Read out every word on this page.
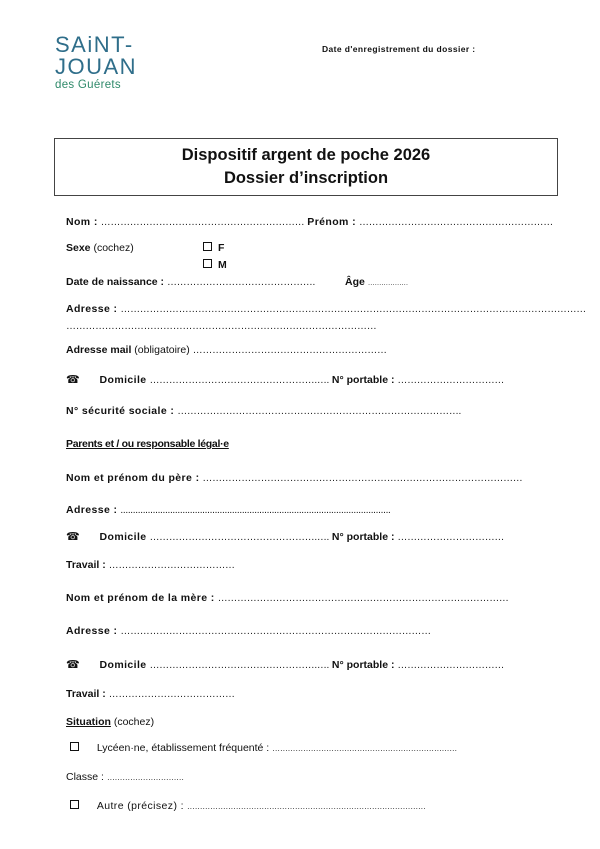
SAiNT-
JOUAN
des Guérets
Date d'enregistrement du dossier :
Dispositif argent de poche 2026
Dossier d’inscription
Nom : ……………………………………………………… Prénom : ……………………………………………………
Sexe (cochez)	F
M
Date de naissance : ……………………………………….	Âge ………………
Adresse : ………………………………………………………………………………………………………………………………
……………………………………………………………………………………
Adresse mail (obligatoire) ……………………………………………………
☎ Domicile …………………………………………….…. N° portable : ……………………………
N° sécurité sociale : …………………………………………………………………………….
Parents et / ou responsable légal·e
Nom et prénom du père : ………………………………………………………………………………………
Adresse : .............................................................................................................
☎ Domicile …………………………………………….…. N° portable : ……………………………
Travail : …………………………………
Nom et prénom de la mère : ………………………………………………………………………………
Adresse : ……………………………………………………………………………………
☎ Domicile …………………………………………….…. N° portable : ……………………………
Travail : …………………………………
Situation (cochez)
Lycéen·ne, établissement fréquenté : ………………………………………………………………
Classe : …………………………
Autre (précisez) : …………………………………………………………………………………
